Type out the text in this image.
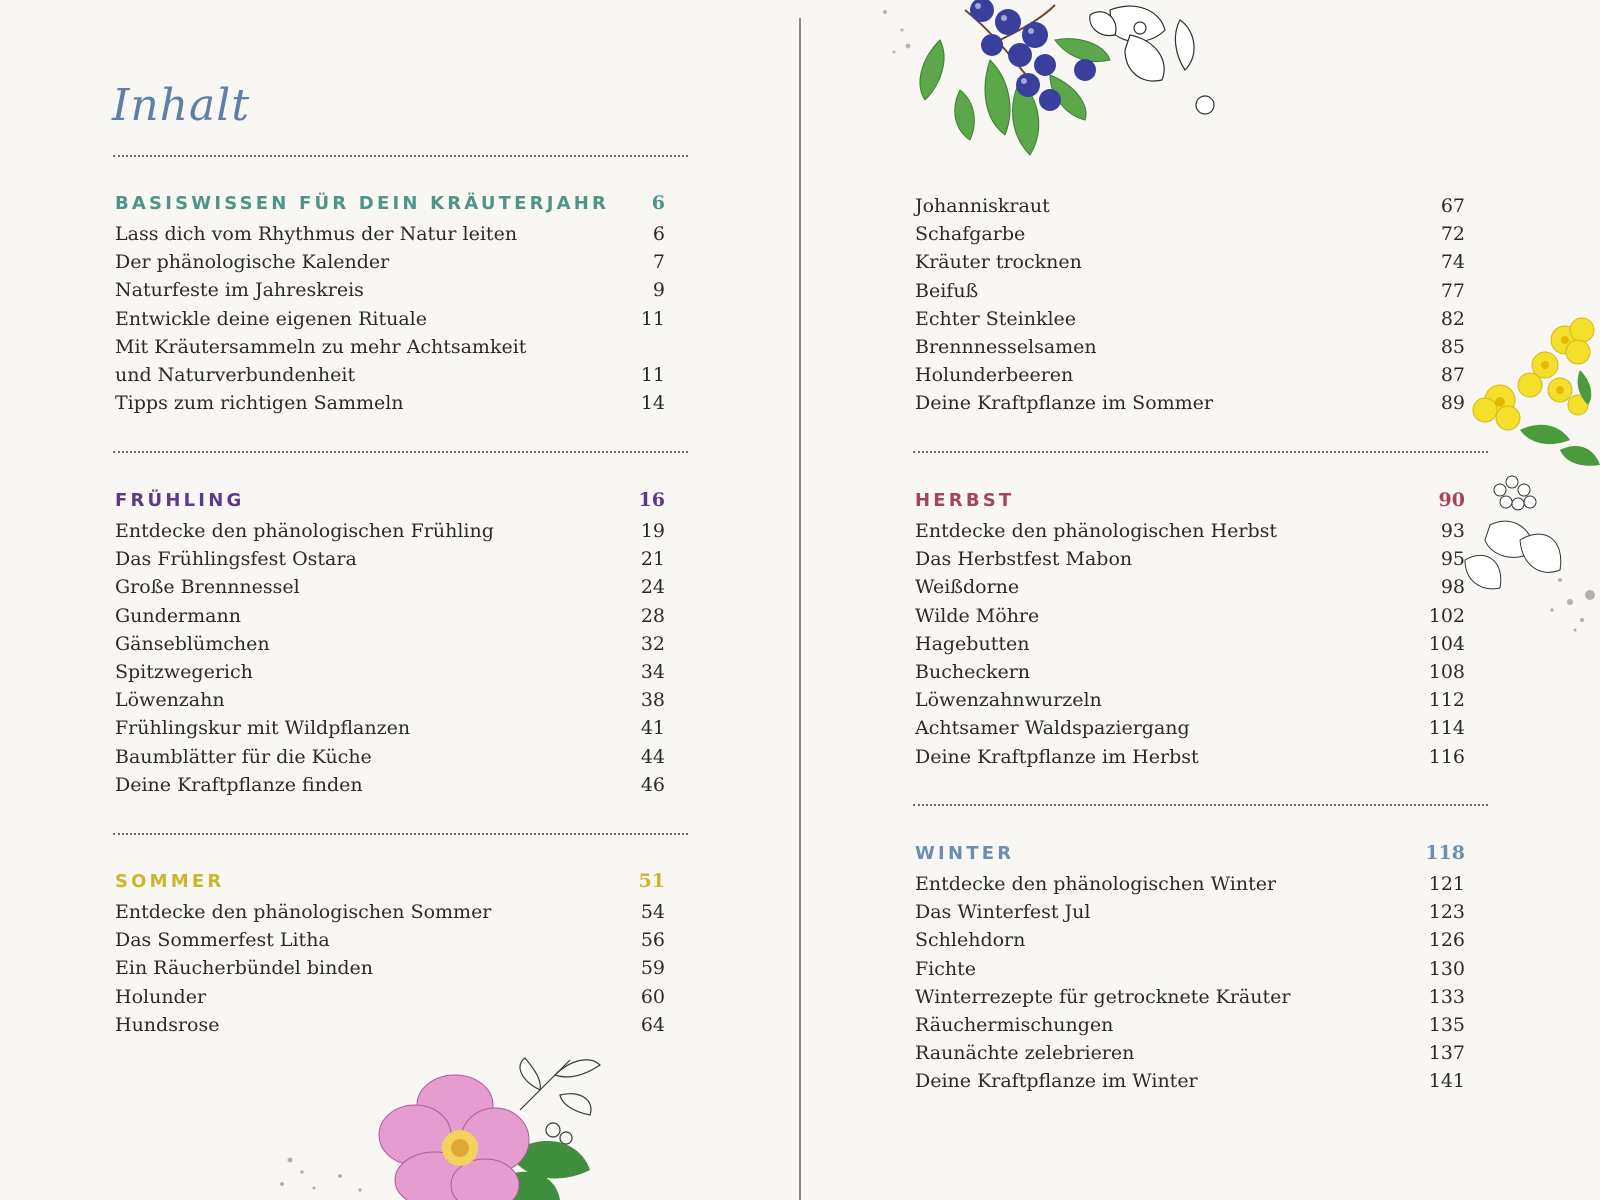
Inhalt
BASISWISSEN FÜR DEIN KRÄUTERJAHR 6
Lass dich vom Rhythmus der Natur leiten	6
Der phänologische Kalender	7
Naturfeste im Jahreskreis	9
Entwickle deine eigenen Rituale	11
Mit Kräutersammeln zu mehr Achtsamkeit
und Naturverbundenheit	11
Tipps zum richtigen Sammeln	14
FRÜHLING	16
Entdecke den phänologischen Frühling	19
Das Frühlingsfest Ostara	21
Große Brennnessel	24
Gundermann	28
Gänseblümchen	32
Spitzwegerich	34
Löwenzahn	38
Frühlingskur mit Wildpflanzen	41
Baumblätter für die Küche	44
Deine Kraftpflanze finden	46
SOMMER	51
Entdecke den phänologischen Sommer	54
Das Sommerfest Litha	56
Ein Räucherbündel binden	59
Holunder	60
Hundsrose	64
Johanniskraut	67
Schafgarbe	72
Kräuter trocknen	74
Beifuß	77
Echter Steinklee	82
Brennnesselsamen	85
Holunderbeeren	87
Deine Kraftpflanze im Sommer	89
HERBST	90
Entdecke den phänologischen Herbst	93
Das Herbstfest Mabon	95
Weißdorne	98
Wilde Möhre	102
Hagebutten	104
Bucheckern	108
Löwenzahnwurzeln	112
Achtsamer Waldspaziergang	114
Deine Kraftpflanze im Herbst	116
WINTER	118
Entdecke den phänologischen Winter	121
Das Winterfest Jul	123
Schlehdorn	126
Fichte	130
Winterrezepte für getrocknete Kräuter	133
Räuchermischungen	135
Raunächte zelebrieren	137
Deine Kraftpflanze im Winter	141
